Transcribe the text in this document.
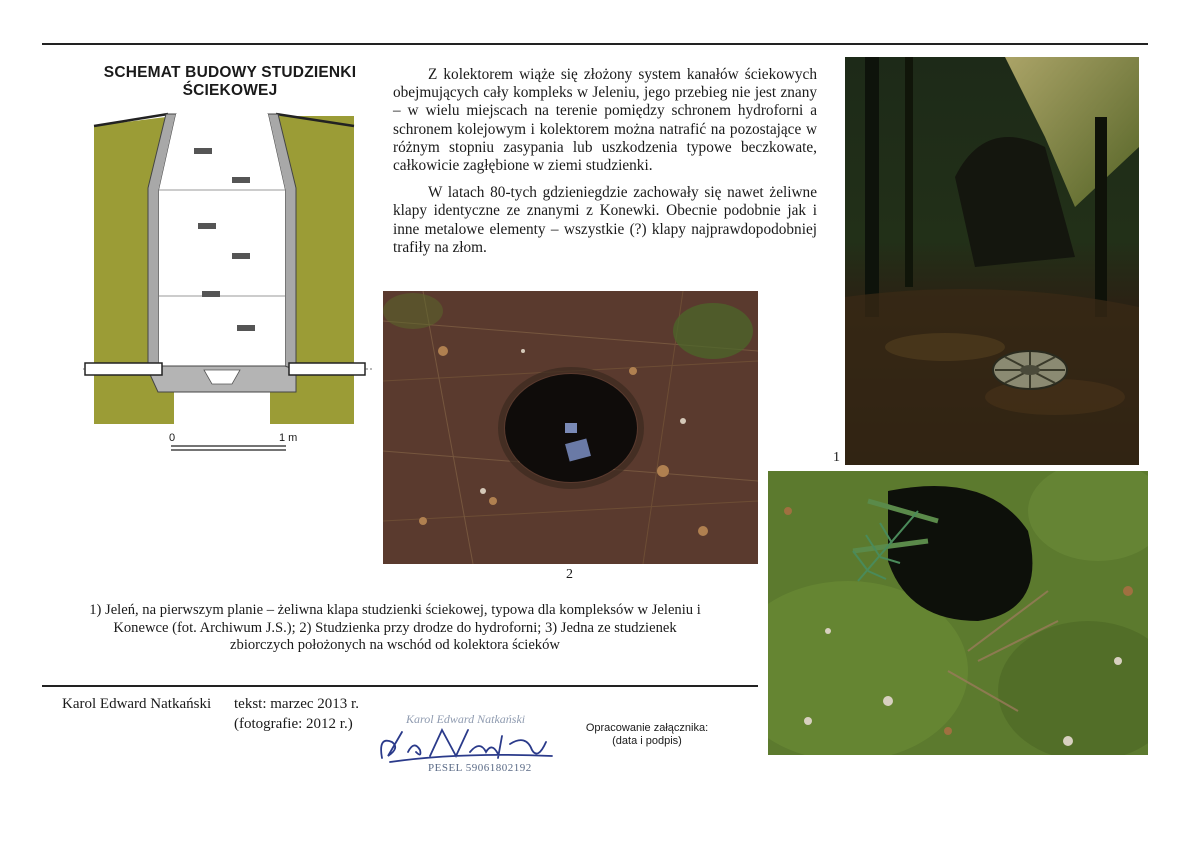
SCHEMAT BUDOWY STUDZIENKI
ŚCIEKOWEJ
0	1 m

Z kolektorem wiąże się złożony system kanałów ściekowych obejmujących cały kompleks w Jeleniu, jego przebieg nie jest znany – w wielu miejscach na terenie pomiędzy schronem hydroforni a schronem kolejowym i kolektorem można natrafić na pozostające w różnym stopniu zasypania lub uszkodzenia typowe beczkowate, całkowicie zagłębione w ziemi studzienki.

W latach 80-tych gdzieniegdzie zachowały się nawet żeliwne klapy identyczne ze znanymi z Konewki. Obecnie podobnie jak i inne metalowe elementy – wszystkie (?) klapy najprawdopodobniej trafiły na złom.

1
2
1) Jeleń, na pierwszym planie – żeliwna klapa studzienki ściekowej, typowa dla kompleksów w Jeleniu i
Konewce (fot. Archiwum J.S.); 2) Studzienka przy drodze do hydroforni; 3) Jedna ze studzienek
zbiorczych położonych na wschód od kolektora ścieków
Karol Edward Natkański tekst: marzec 2013 r.
(fotografie: 2012 r.)	Karol Edward Natkański
PESEL 59061802192
Opracowanie załącznika:
(data i podpis)
